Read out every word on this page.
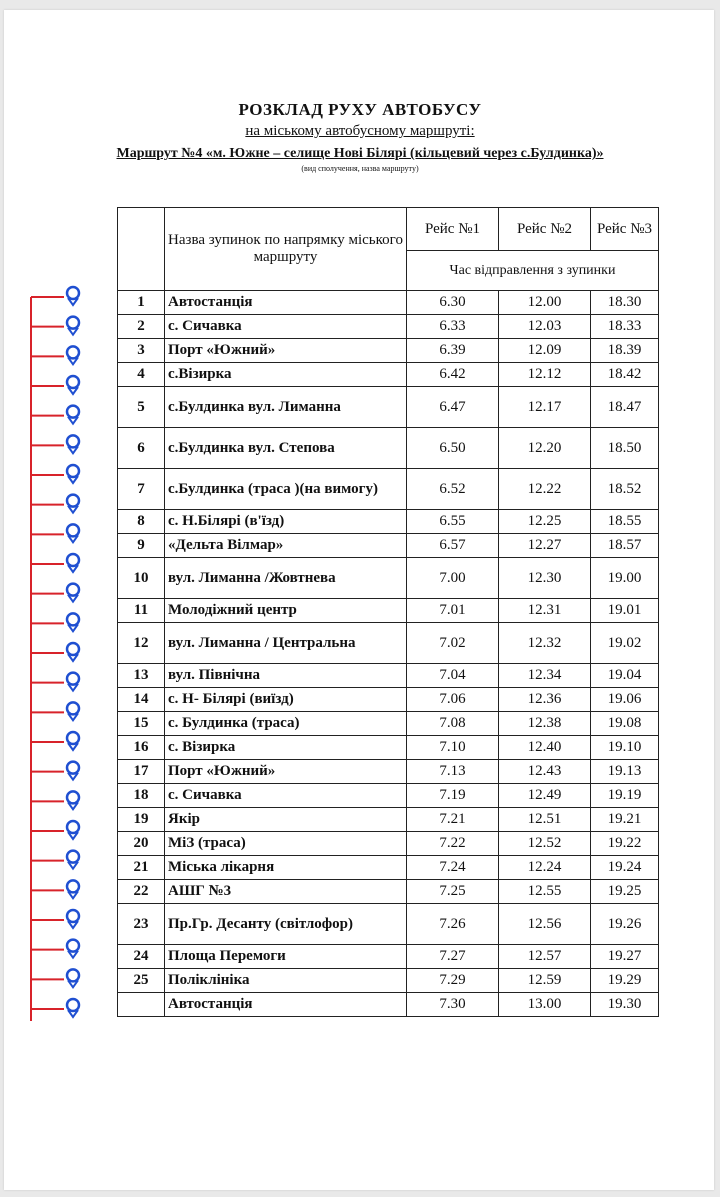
РОЗКЛАД РУХУ АВТОБУСУ
на міському автобусному маршруті:
Маршрут №4 «м. Южне – селище Нові Білярі (кільцевий через с.Булдинка)»
(вид сполучення, назва маршруту)
	Назва зупинок по напрямку міського маршруту	Рейс №1	Рейс №2	Рейс №3
		Час відправлення з зупинки		
1	Автостанція	6.30	12.00	18.30
2	с. Сичавка	6.33	12.03	18.33
3	Порт «Южний»	6.39	12.09	18.39
4	с.Візирка	6.42	12.12	18.42
5	с.Булдинка вул. Лиманна	6.47	12.17	18.47
6	с.Булдинка вул. Степова	6.50	12.20	18.50
7	с.Булдинка (траса )(на вимогу)	6.52	12.22	18.52
8	с. Н.Білярі (в'їзд)	6.55	12.25	18.55
9	«Дельта Вілмар»	6.57	12.27	18.57
10	вул. Лиманна /Жовтнева	7.00	12.30	19.00
11	Молодіжний центр	7.01	12.31	19.01
12	вул. Лиманна / Центральна	7.02	12.32	19.02
13	вул. Північна	7.04	12.34	19.04
14	с. Н- Білярі (виїзд)	7.06	12.36	19.06
15	с. Булдинка (траса)	7.08	12.38	19.08
16	с. Візирка	7.10	12.40	19.10
17	Порт «Южний»	7.13	12.43	19.13
18	с. Сичавка	7.19	12.49	19.19
19	Якір	7.21	12.51	19.21
20	МіЗ (траса)	7.22	12.52	19.22
21	Міська лікарня	7.24	12.24	19.24
22	АШГ №3	7.25	12.55	19.25
23	Пр.Гр. Десанту (світлофор)	7.26	12.56	19.26
24	Площа Перемоги	7.27	12.57	19.27
25	Поліклініка	7.29	12.59	19.29
	Автостанція	7.30	13.00	19.30
